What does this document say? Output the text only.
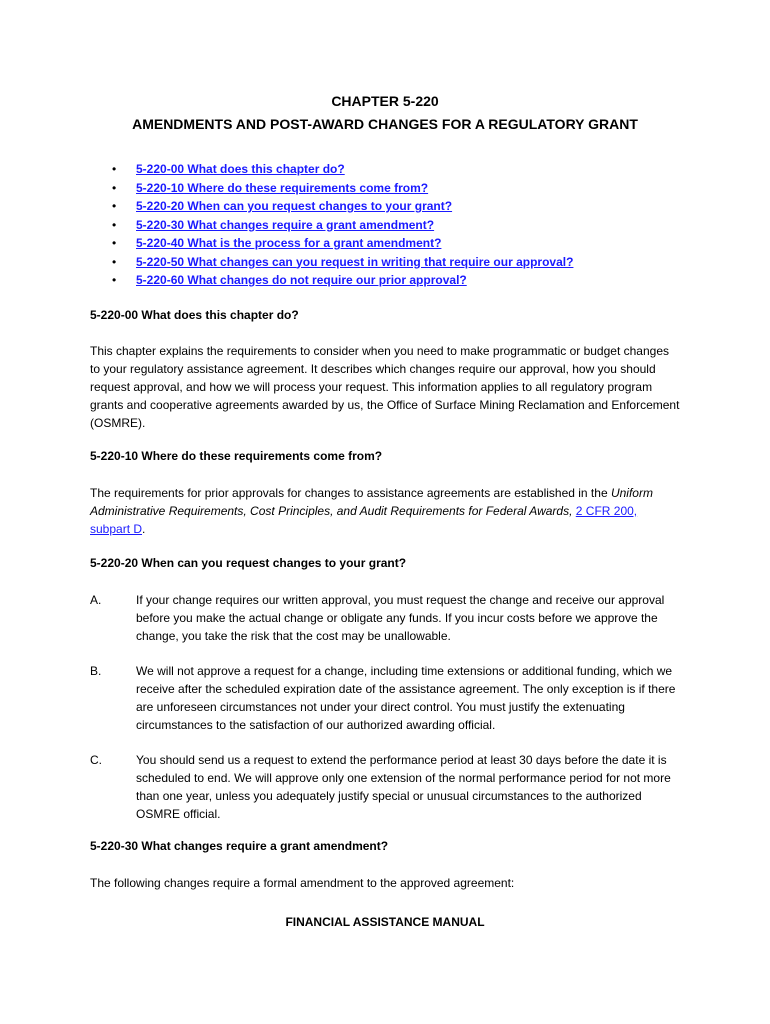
CHAPTER 5-220
AMENDMENTS AND POST-AWARD CHANGES FOR A REGULATORY GRANT
• 5-220-00 What does this chapter do?
• 5-220-10 Where do these requirements come from?
• 5-220-20 When can you request changes to your grant?
• 5-220-30 What changes require a grant amendment?
• 5-220-40 What is the process for a grant amendment?
• 5-220-50 What changes can you request in writing that require our approval?
• 5-220-60 What changes do not require our prior approval?
5-220-00 What does this chapter do?

This chapter explains the requirements to consider when you need to make programmatic or budget changes to your regulatory assistance agreement. It describes which changes require our approval, how you should request approval, and how we will process your request. This information applies to all regulatory program grants and cooperative agreements awarded by us, the Office of Surface Mining Reclamation and Enforcement (OSMRE).

5-220-10 Where do these requirements come from?

The requirements for prior approvals for changes to assistance agreements are established in the Uniform Administrative Requirements, Cost Principles, and Audit Requirements for Federal Awards, 2 CFR 200, subpart D.

5-220-20 When can you request changes to your grant?
A.	If your change requires our written approval, you must request the change and receive our approval before you make the actual change or obligate any funds. If you incur costs before we approve the change, you take the risk that the cost may be unallowable.
B.	We will not approve a request for a change, including time extensions or additional funding, which we receive after the scheduled expiration date of the assistance agreement. The only exception is if there are unforeseen circumstances not under your direct control. You must justify the extenuating circumstances to the satisfaction of our authorized awarding official.
C.	You should send us a request to extend the performance period at least 30 days before the date it is scheduled to end. We will approve only one extension of the normal performance period for not more than one year, unless you adequately justify special or unusual circumstances to the authorized OSMRE official.
5-220-30 What changes require a grant amendment?

The following changes require a formal amendment to the approved agreement:

FINANCIAL ASSISTANCE MANUAL
